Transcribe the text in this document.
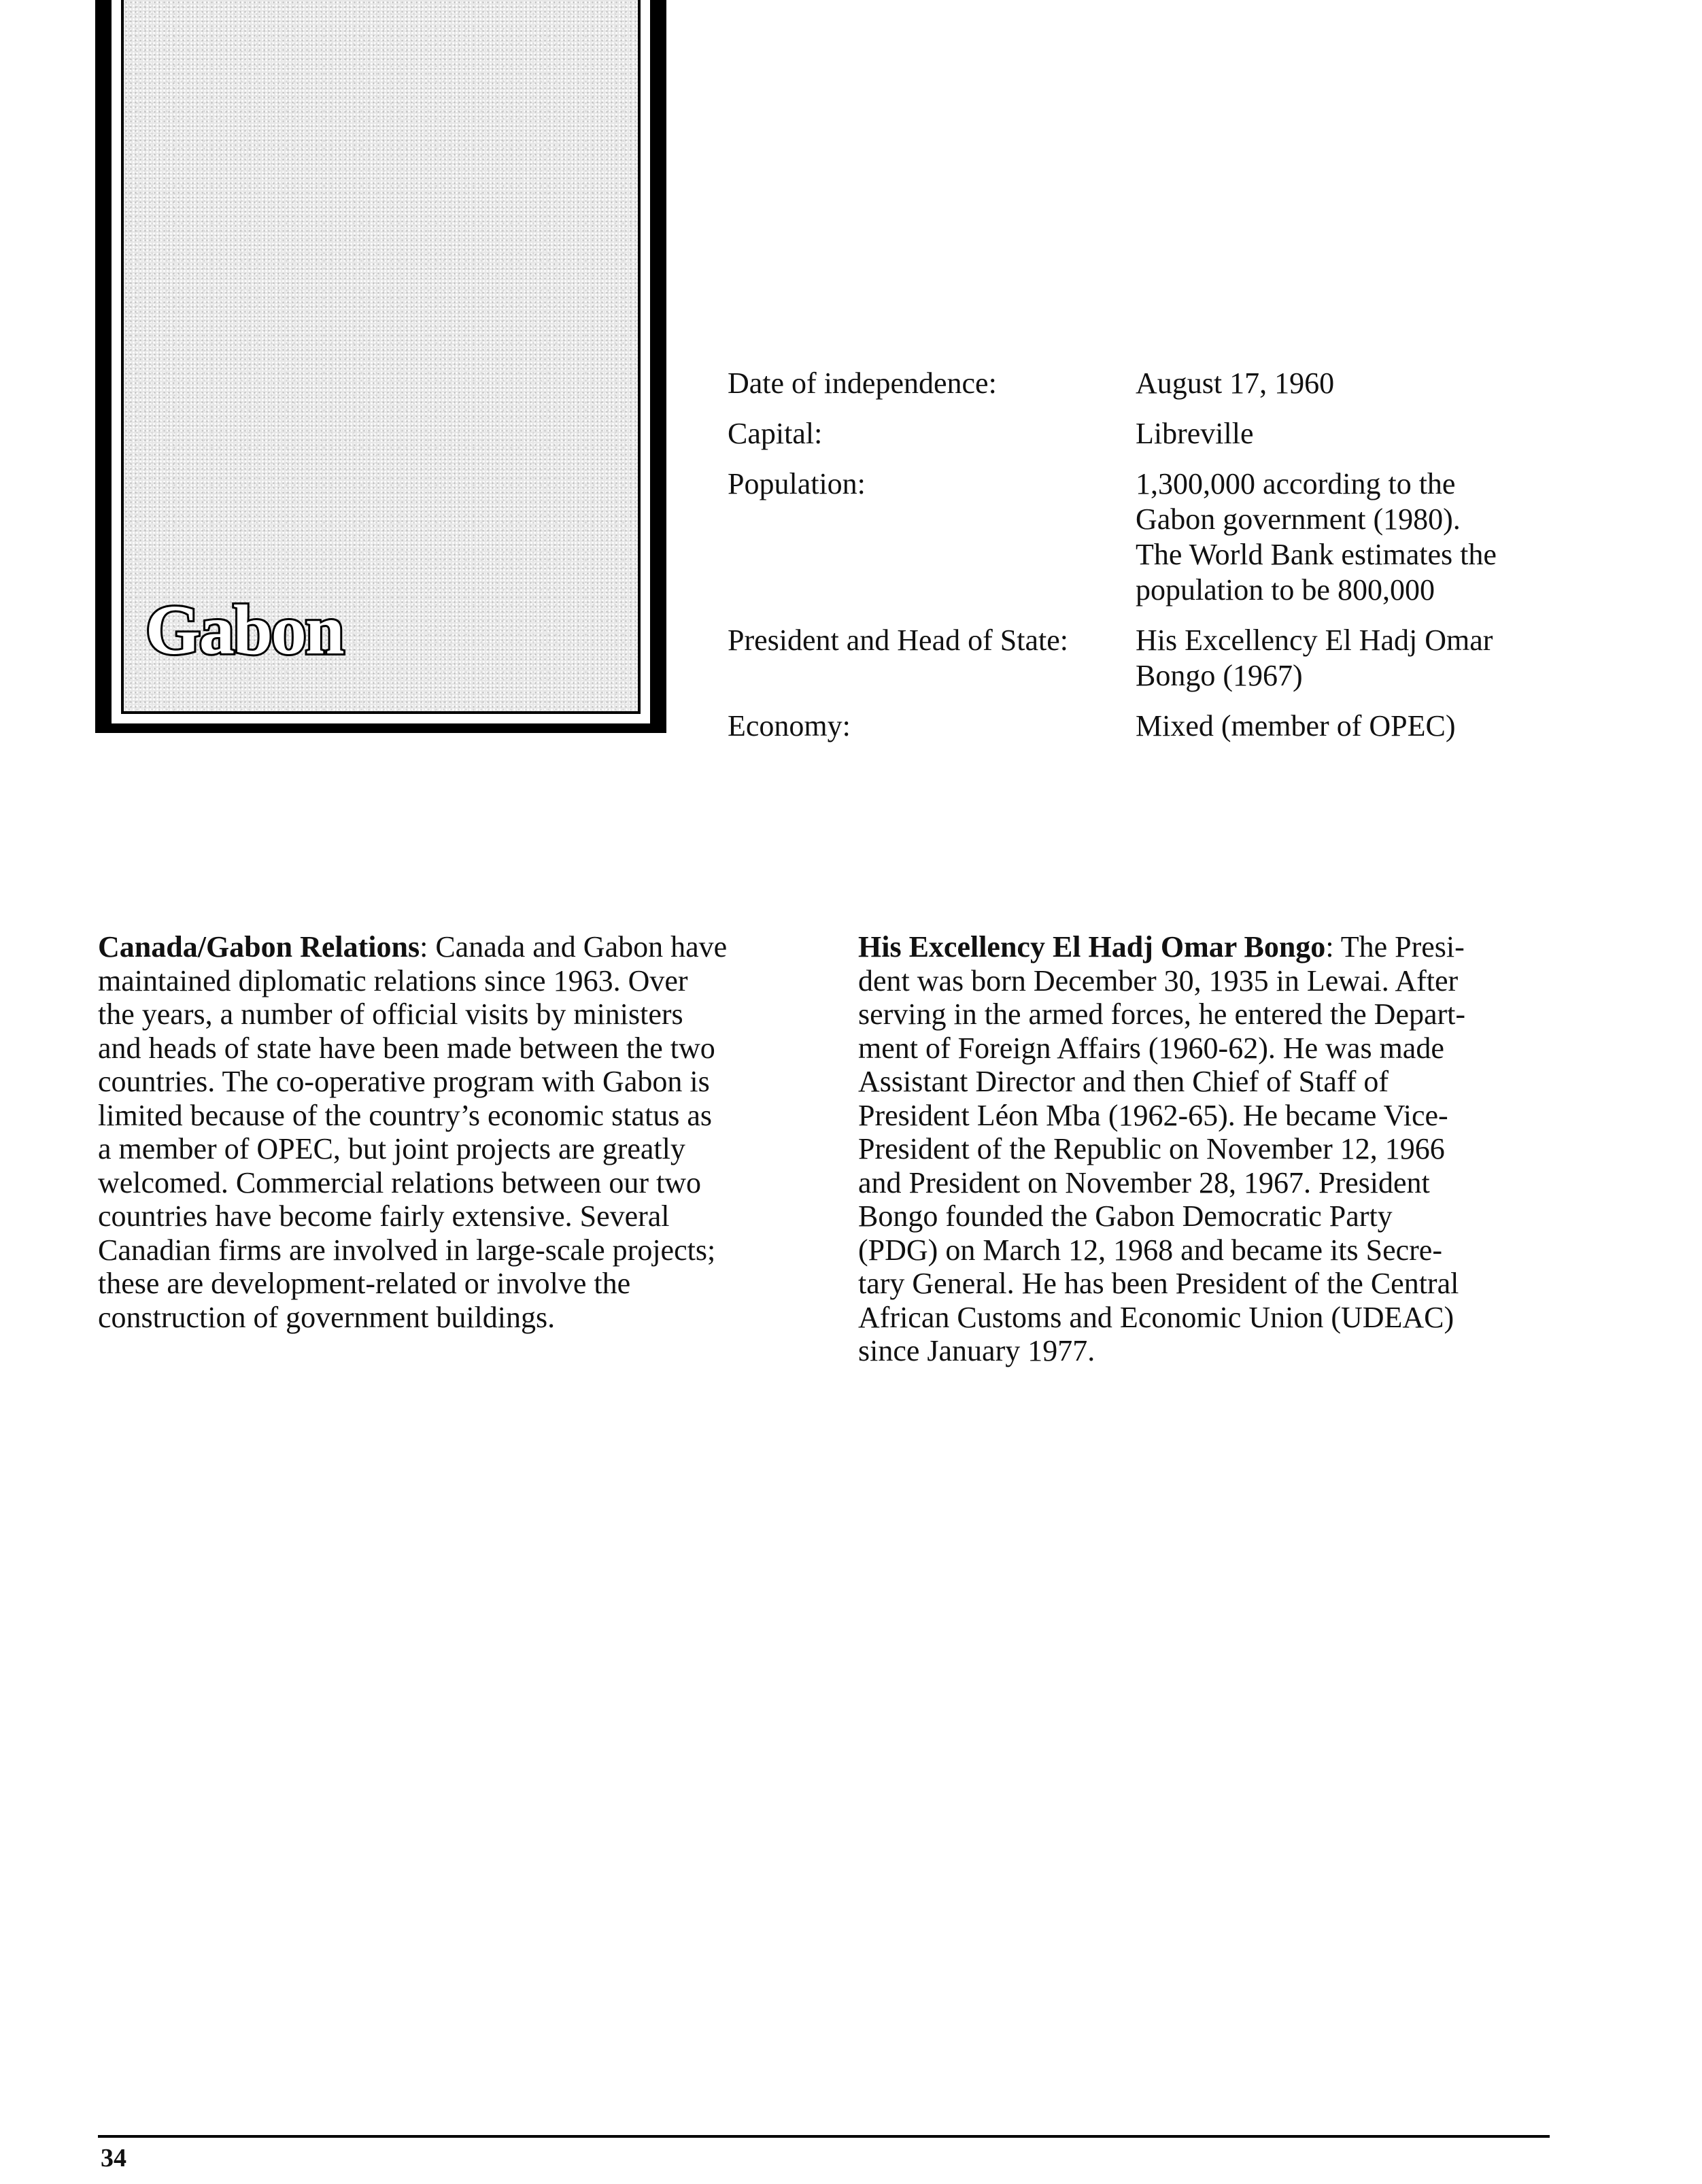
Gabon
Date of independence:	August 17, 1960
Capital:	Libreville
Population:	1,300,000 according to the
Gabon government (1980).
The World Bank estimates the
population to be 800,000
President and Head of State:	His Excellency El Hadj Omar
Bongo (1967)
Economy:	Mixed (member of OPEC)
Canada/Gabon Relations: Canada and Gabon have
maintained diplomatic relations since 1963. Over
the years, a number of official visits by ministers
and heads of state have been made between the two
countries. The co-operative program with Gabon is
limited because of the country’s economic status as
a member of OPEC, but joint projects are greatly
welcomed. Commercial relations between our two
countries have become fairly extensive. Several
Canadian firms are involved in large-scale projects;
these are development-related or involve the
construction of government buildings.
His Excellency El Hadj Omar Bongo: The Presi-
dent was born December 30, 1935 in Lewai. After
serving in the armed forces, he entered the Depart-
ment of Foreign Affairs (1960-62). He was made
Assistant Director and then Chief of Staff of
President Léon Mba (1962-65). He became Vice-
President of the Republic on November 12, 1966
and President on November 28, 1967. President
Bongo founded the Gabon Democratic Party
(PDG) on March 12, 1968 and became its Secre-
tary General. He has been President of the Central
African Customs and Economic Union (UDEAC)
since January 1977.
34
